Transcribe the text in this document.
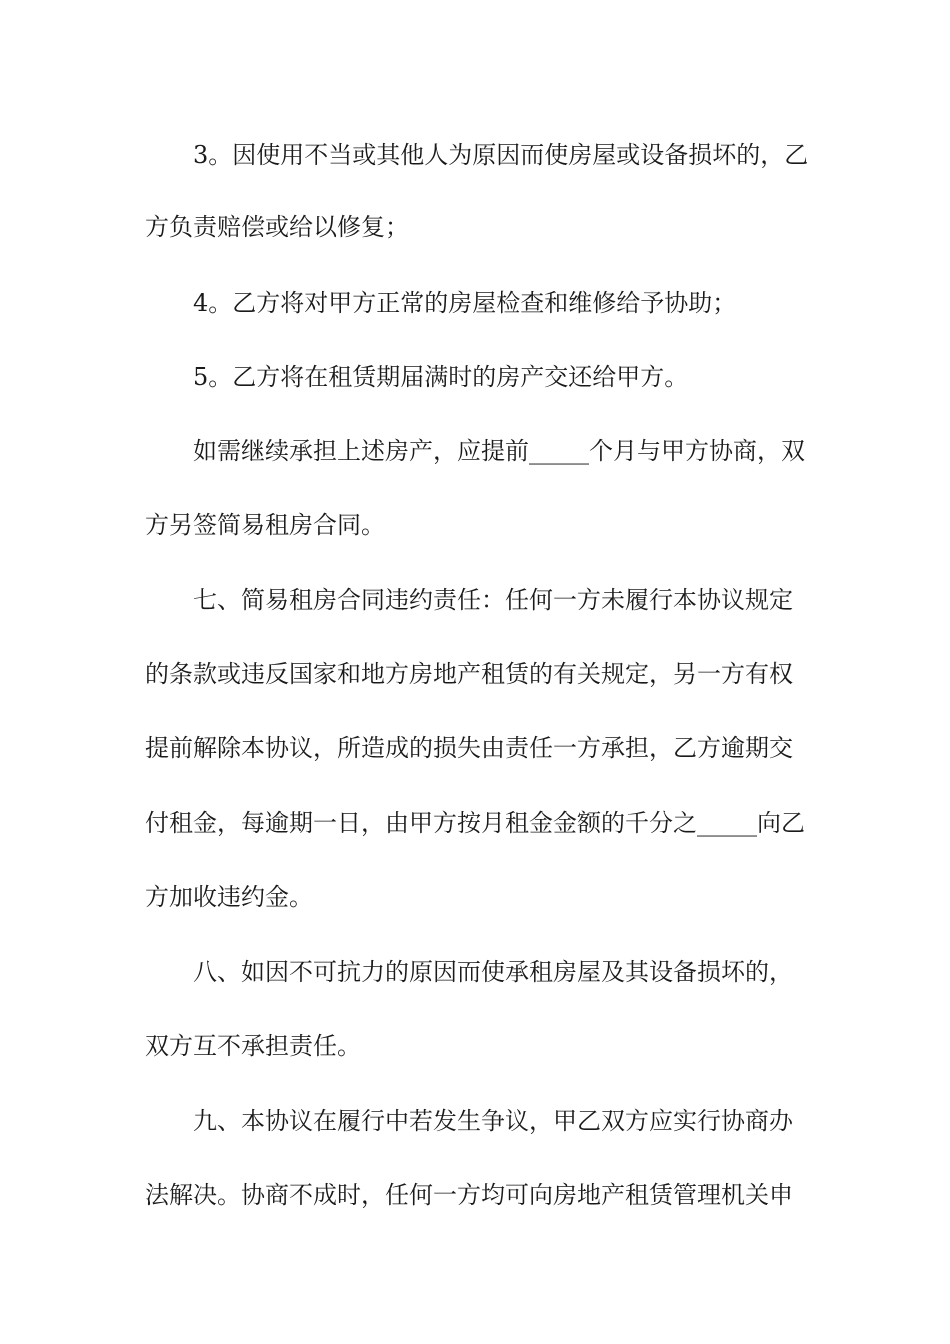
3。因使用不当或其他人为原因而使房屋或设备损坏的，乙
方负责赔偿或给以修复；
4。乙方将对甲方正常的房屋检查和维修给予协助；
5。乙方将在租赁期届满时的房产交还给甲方。
如需继续承担上述房产，应提前_____个月与甲方协商，双
方另签简易租房合同。
七、简易租房合同违约责任：任何一方未履行本协议规定
的条款或违反国家和地方房地产租赁的有关规定，另一方有权
提前解除本协议，所造成的损失由责任一方承担，乙方逾期交
付租金，每逾期一日，由甲方按月租金金额的千分之_____向乙
方加收违约金。
八、如因不可抗力的原因而使承租房屋及其设备损坏的，
双方互不承担责任。
九、本协议在履行中若发生争议，甲乙双方应实行协商办
法解决。协商不成时，任何一方均可向房地产租赁管理机关申
